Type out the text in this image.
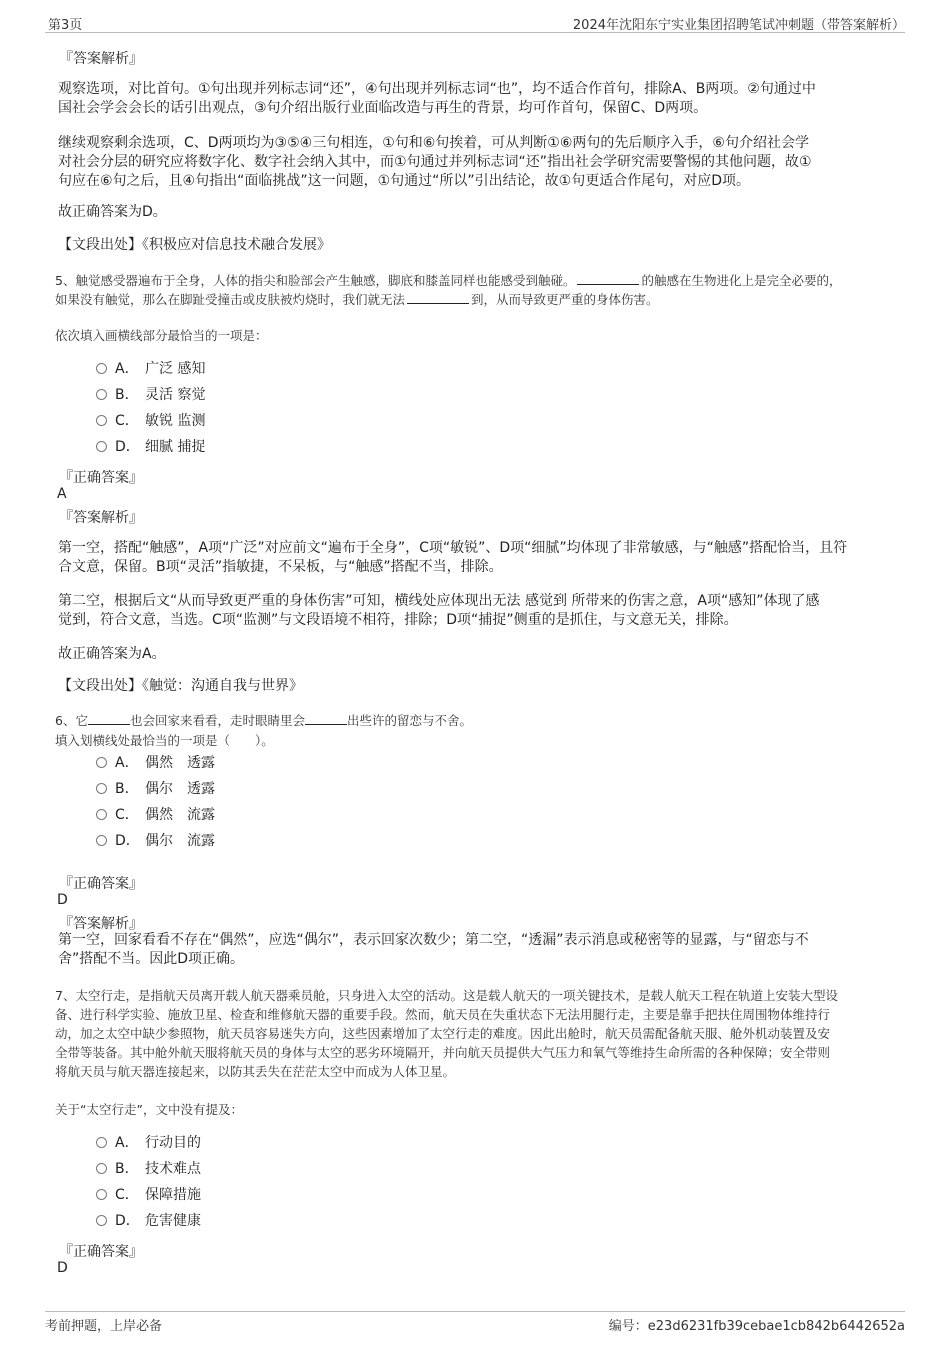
第3页	2024年沈阳东宁实业集团招聘笔试冲刺题（带答案解析）
『答案解析』
观察选项，对比首句。①句出现并列标志词“还”，④句出现并列标志词“也”，均不适合作首句，排除A、B两项。②句通过中
国社会学会会长的话引出观点，③句介绍出版行业面临改造与再生的背景，均可作首句，保留C、D两项。
继续观察剩余选项，C、D两项均为③⑤④三句相连，①句和⑥句挨着，可从判断①⑥两句的先后顺序入手，⑥句介绍社会学
对社会分层的研究应将数字化、数字社会纳入其中，而①句通过并列标志词“还”指出社会学研究需要警惕的其他问题，故①
句应在⑥句之后，且④句指出“面临挑战”这一问题，①句通过“所以”引出结论，故①句更适合作尾句，对应D项。
故正确答案为D。
【文段出处】《积极应对信息技术融合发展》
5、触觉感受器遍布于全身，人体的指尖和脸部会产生触感，脚底和膝盖同样也能感受到触碰。	的触感在生物进化上是完全必要的，
如果没有触觉，那么在脚趾受撞击或皮肤被灼烧时，我们就无法	到，从而导致更严重的身体伤害。
依次填入画横线部分最恰当的一项是：
A． 广泛 感知
B． 灵活 察觉
C． 敏锐 监测
D． 细腻 捕捉
『正确答案』
A
『答案解析』
第一空，搭配“触感”，A项“广泛”对应前文“遍布于全身”，C项“敏锐”、D项“细腻”均体现了非常敏感，与“触感”搭配恰当，且符
合文意，保留。B项“灵活”指敏捷，不呆板，与“触感”搭配不当，排除。
第二空，根据后文“从而导致更严重的身体伤害”可知，横线处应体现出无法 感觉到 所带来的伤害之意，A项“感知”体现了感
觉到，符合文意，当选。C项“监测”与文段语境不相符，排除；D项“捕捉”侧重的是抓住，与文意无关，排除。
故正确答案为A。
【文段出处】《触觉：沟通自我与世界》
6、它	也会回家来看看，走时眼睛里会	出些许的留恋与不舍。
填入划横线处最恰当的一项是（　　）。
A． 偶然　透露
B． 偶尔　透露
C． 偶然　流露
D． 偶尔　流露
『正确答案』
D
『答案解析』
第一空，回家看看不存在“偶然”，应选“偶尔”，表示回家次数少；第二空，“透漏”表示消息或秘密等的显露，与“留恋与不
舍”搭配不当。因此D项正确。
7、太空行走，是指航天员离开载人航天器乘员舱，只身进入太空的活动。这是载人航天的一项关键技术，是载人航天工程在轨道上安装大型设
备、进行科学实验、施放卫星、检查和维修航天器的重要手段。然而，航天员在失重状态下无法用腿行走，主要是靠手把扶住周围物体维持行
动，加之太空中缺少参照物，航天员容易迷失方向，这些因素增加了太空行走的难度。因此出舱时，航天员需配备航天服、舱外机动装置及安
全带等装备。其中舱外航天服将航天员的身体与太空的恶劣环境隔开，并向航天员提供大气压力和氧气等维持生命所需的各种保障；安全带则
将航天员与航天器连接起来，以防其丢失在茫茫太空中而成为人体卫星。
关于“太空行走”，文中没有提及：
A． 行动目的
B． 技术难点
C． 保障措施
D． 危害健康
『正确答案』
D
考前押题，上岸必备	编号：e23d6231fb39cebae1cb842b6442652a
